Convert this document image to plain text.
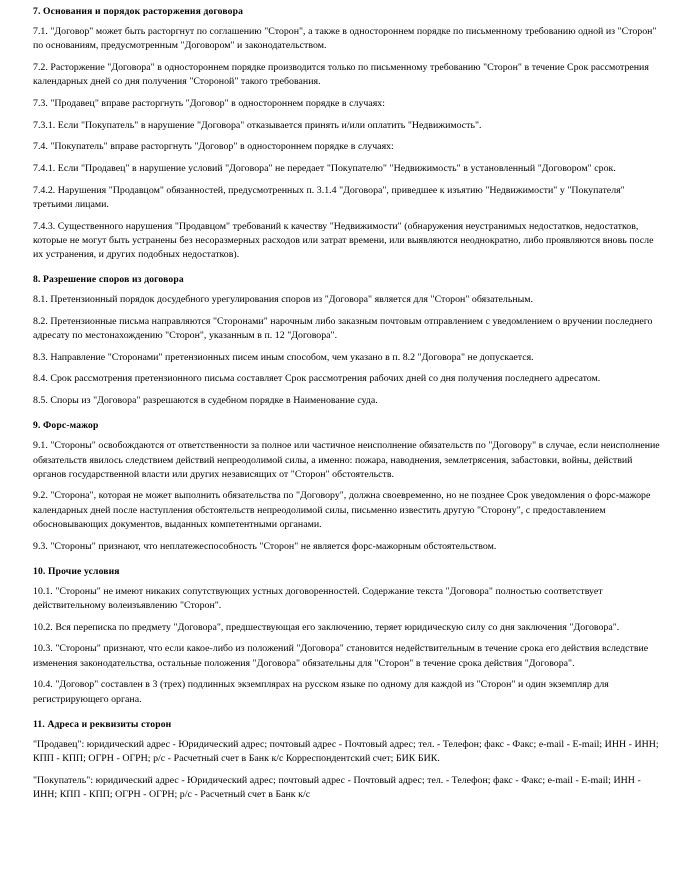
7. Основания и порядок расторжения договора

7.1. "Договор" может быть расторгнут по соглашению "Сторон", а также в одностороннем порядке по письменному требованию одной из "Сторон" по основаниям, предусмотренным "Договором" и законодательством.

7.2. Расторжение "Договора" в одностороннем порядке производится только по письменному требованию "Сторон" в течение Срок рассмотрения календарных дней со дня получения "Стороной" такого требования.

7.3. "Продавец" вправе расторгнуть "Договор" в одностороннем порядке в случаях:

7.3.1. Если "Покупатель" в нарушение "Договора" отказывается принять и/или оплатить "Недвижимость".

7.4. "Покупатель" вправе расторгнуть "Договор" в одностороннем порядке в случаях:

7.4.1. Если "Продавец" в нарушение условий "Договора" не передает "Покупателю" "Недвижимость" в установленный "Договором" срок.

7.4.2. Нарушения "Продавцом" обязанностей, предусмотренных п. 3.1.4 "Договора", приведшее к изъятию "Недвижимости" у "Покупателя" третьими лицами.

7.4.3. Существенного нарушения "Продавцом" требований к качеству "Недвижимости" (обнаружения неустранимых недостатков, недостатков, которые не могут быть устранены без несоразмерных расходов или затрат времени, или выявляются неоднократно, либо проявляются вновь после их устранения, и других подобных недостатков).

8. Разрешение споров из договора

8.1. Претензионный порядок досудебного урегулирования споров из "Договора" является для "Сторон" обязательным.

8.2. Претензионные письма направляются "Сторонами" нарочным либо заказным почтовым отправлением с уведомлением о вручении последнего адресату по местонахождению "Сторон", указанным в п. 12 "Договора".

8.3. Направление "Сторонами" претензионных писем иным способом, чем указано в п. 8.2 "Договора" не допускается.

8.4. Срок рассмотрения претензионного письма составляет Срок рассмотрения рабочих дней со дня получения последнего адресатом.

8.5. Споры из "Договора" разрешаются в судебном порядке в Наименование суда.

9. Форс-мажор

9.1. "Стороны" освобождаются от ответственности за полное или частичное неисполнение обязательств по "Договору" в случае, если неисполнение обязательств явилось следствием действий непреодолимой силы, а именно: пожара, наводнения, землетрясения, забастовки, войны, действий органов государственной власти или других независящих от "Сторон" обстоятельств.

9.2. "Сторона", которая не может выполнить обязательства по "Договору", должна своевременно, но не позднее Срок уведомления о форс-мажоре календарных дней после наступления обстоятельств непреодолимой силы, письменно известить другую "Сторону", с предоставлением обосновывающих документов, выданных компетентными органами.

9.3. "Стороны" признают, что неплатежеспособность "Сторон" не является форс-мажорным обстоятельством.

10. Прочие условия

10.1. "Стороны" не имеют никаких сопутствующих устных договоренностей. Содержание текста "Договора" полностью соответствует действительному волеизъявлению "Сторон".

10.2. Вся переписка по предмету "Договора", предшествующая его заключению, теряет юридическую силу со дня заключения "Договора".

10.3. "Стороны" признают, что если какое-либо из положений "Договора" становится недействительным в течение срока его действия вследствие изменения законодательства, остальные положения "Договора" обязательны для "Сторон" в течение срока действия "Договора".

10.4. "Договор" составлен в 3 (трех) подлинных экземплярах на русском языке по одному для каждой из "Сторон" и один экземпляр для регистрирующего органа.

11. Адреса и реквизиты сторон

"Продавец": юридический адрес - Юридический адрес; почтовый адрес - Почтовый адрес; тел. - Телефон; факс - Факс; e-mail - E-mail; ИНН - ИНН; КПП - КПП; ОГРН - ОГРН; р/с - Расчетный счет в Банк к/с Корреспондентский счет; БИК БИК.

"Покупатель": юридический адрес - Юридический адрес; почтовый адрес - Почтовый адрес; тел. - Телефон; факс - Факс; e-mail - E-mail; ИНН - ИНН; КПП - КПП; ОГРН - ОГРН; р/с - Расчетный счет в Банк к/с
